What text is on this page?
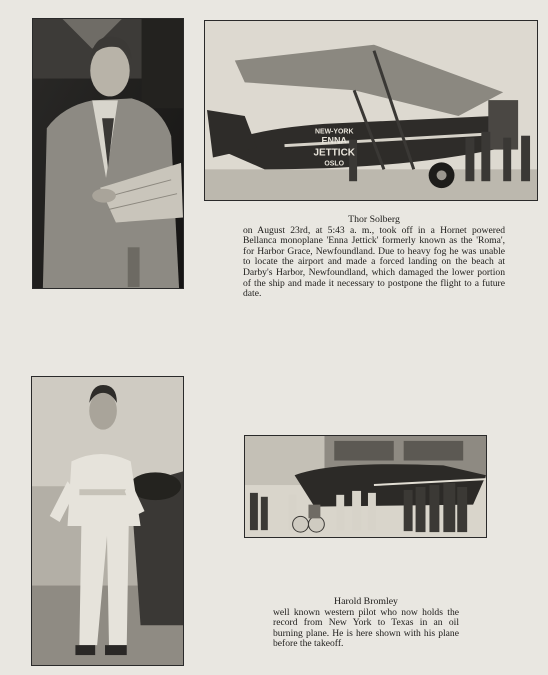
NEW-YORK
ENNA
JETTICK
OSLO
Thor Solberg
on August 23rd, at 5:43 a. m., took off in a Hornet powered Bellanca monoplane 'Enna Jettick' formerly known as the 'Roma', for Harbor Grace, Newfoundland. Due to heavy fog he was unable to locate the airport and made a forced landing on the beach at Darby's Harbor, Newfoundland, which damaged the lower portion of the ship and made it necessary to postpone the flight to a future date.
Harold Bromley
well known western pilot who now holds the record from New York to Texas in an oil burning plane. He is here shown with his plane before the takeoff.
